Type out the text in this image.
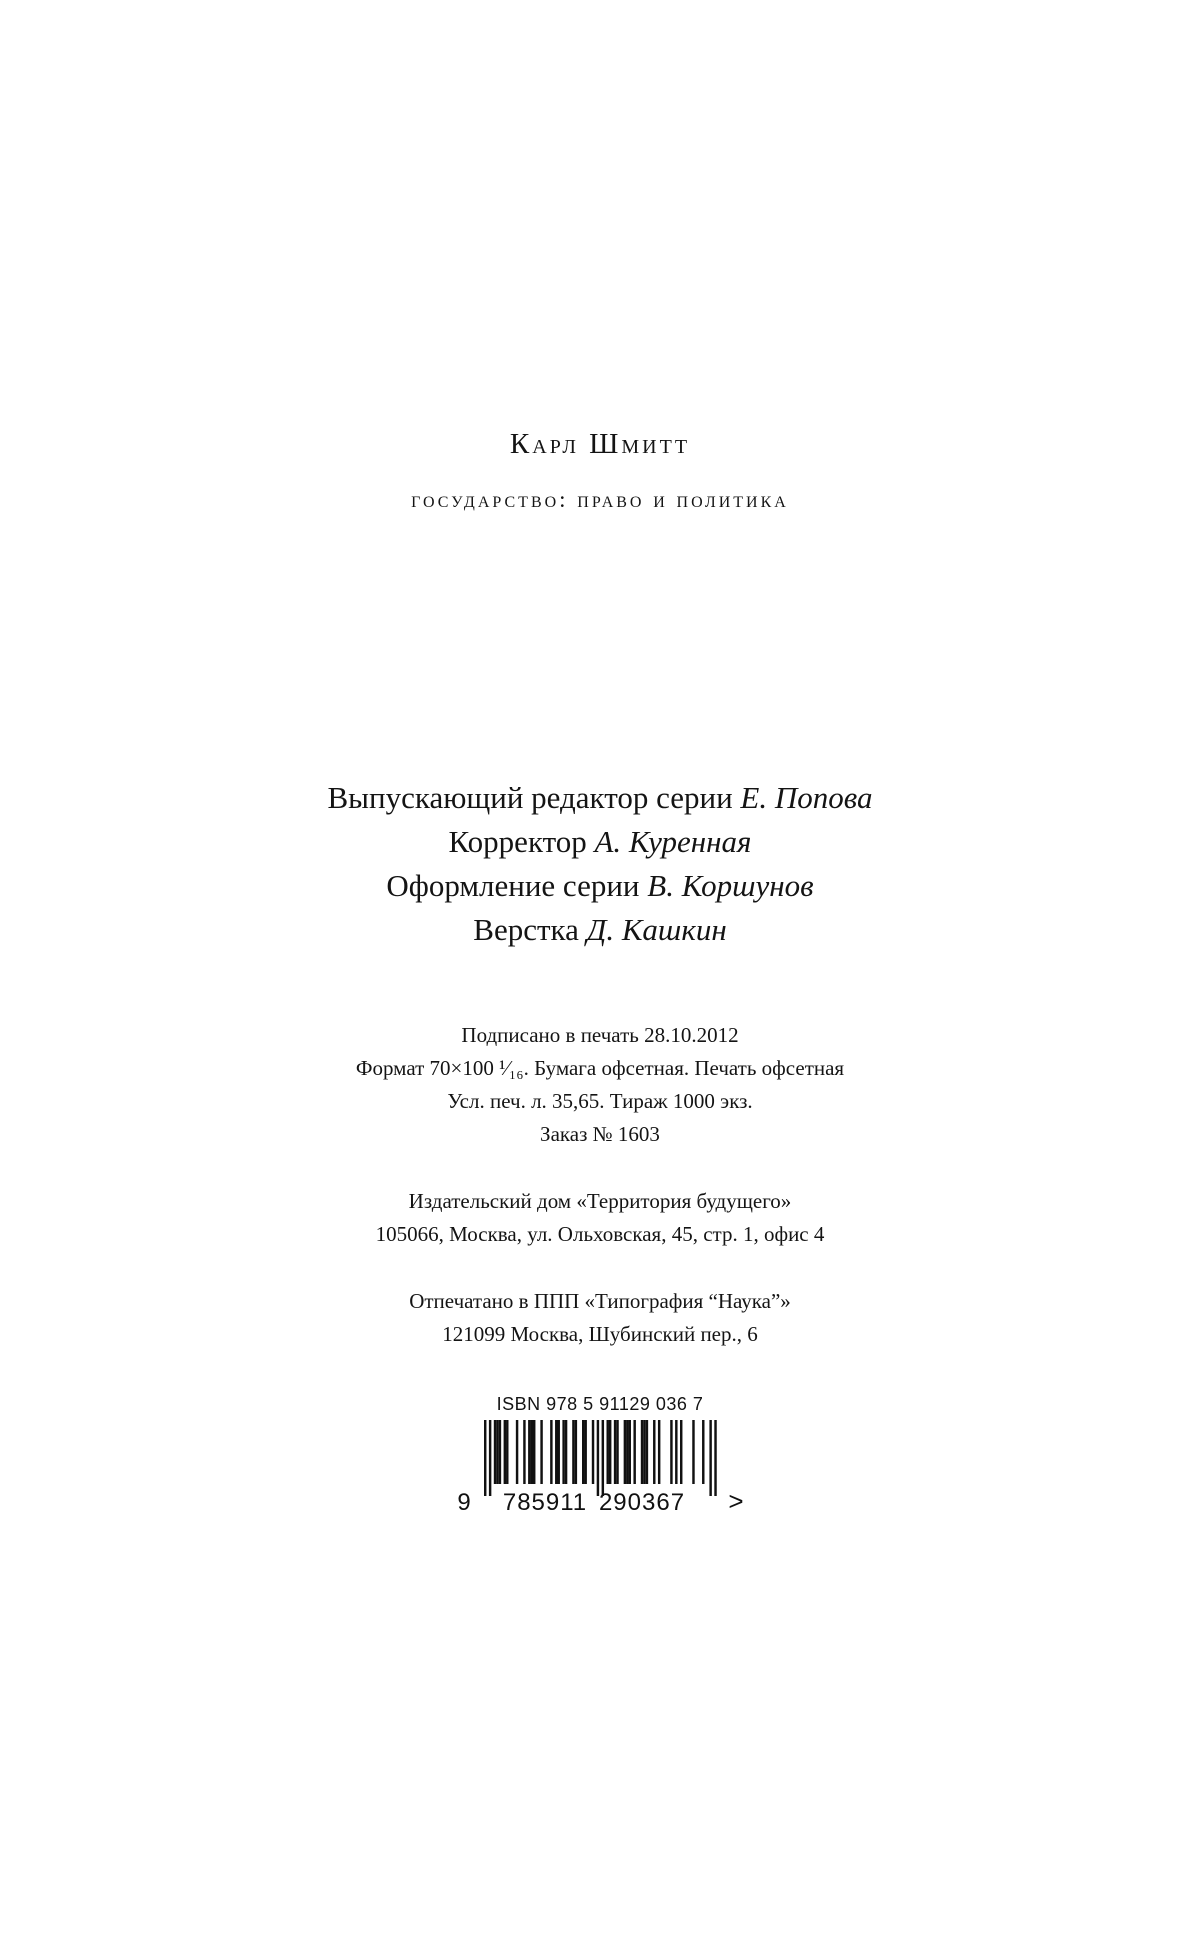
Карл Шмитт
государство: право и политика
Выпускающий редактор серии Е. Попова
Корректор А. Куренная
Оформление серии В. Коршунов
Верстка Д. Кашкин
Подписано в печать 28.10.2012
Формат 70×100 ¹⁄₁₆. Бумага офсетная. Печать офсетная
Усл. печ. л. 35,65. Тираж 1000 экз.
Заказ № 1603
Издательский дом «Территория будущего»
105066, Москва, ул. Ольховская, 45, стр. 1, офис 4
Отпечатано в ППП «Типография “Наука”»
121099 Москва, Шубинский пер., 6
ISBN 978 5 91129 036 7
9 785911 290367 >
